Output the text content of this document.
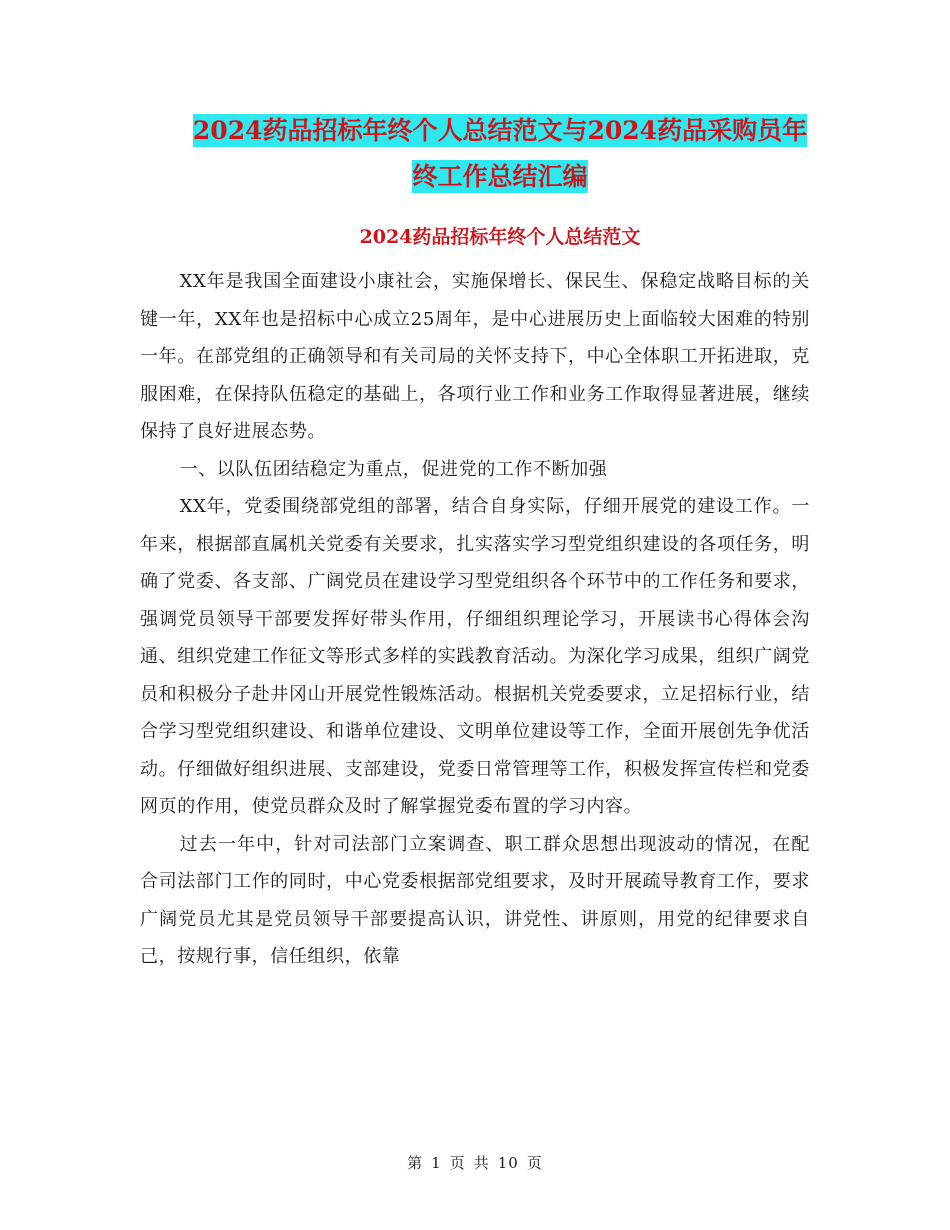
2024药品招标年终个人总结范文与2024药品采购员年
终工作总结汇编
2024药品招标年终个人总结范文

XX年是我国全面建设小康社会，实施保增长、保民生、保稳定战略目标的关键一年，XX年也是招标中心成立25周年，是中心进展历史上面临较大困难的特别一年。在部党组的正确领导和有关司局的关怀支持下，中心全体职工开拓进取，克服困难，在保持队伍稳定的基础上，各项行业工作和业务工作取得显著进展，继续保持了良好进展态势。

一、以队伍团结稳定为重点，促进党的工作不断加强

XX年，党委围绕部党组的部署，结合自身实际，仔细开展党的建设工作。一年来，根据部直属机关党委有关要求，扎实落实学习型党组织建设的各项任务，明确了党委、各支部、广阔党员在建设学习型党组织各个环节中的工作任务和要求，强调党员领导干部要发挥好带头作用，仔细组织理论学习，开展读书心得体会沟通、组织党建工作征文等形式多样的实践教育活动。为深化学习成果，组织广阔党员和积极分子赴井冈山开展党性锻炼活动。根据机关党委要求，立足招标行业，结合学习型党组织建设、和谐单位建设、文明单位建设等工作，全面开展创先争优活动。仔细做好组织进展、支部建设，党委日常管理等工作，积极发挥宣传栏和党委网页的作用，使党员群众及时了解掌握党委布置的学习内容。

过去一年中，针对司法部门立案调查、职工群众思想出现波动的情况，在配合司法部门工作的同时，中心党委根据部党组要求，及时开展疏导教育工作，要求广阔党员尤其是党员领导干部要提高认识，讲党性、讲原则，用党的纪律要求自己，按规行事，信任组织，依靠

第 1 页 共 10 页
